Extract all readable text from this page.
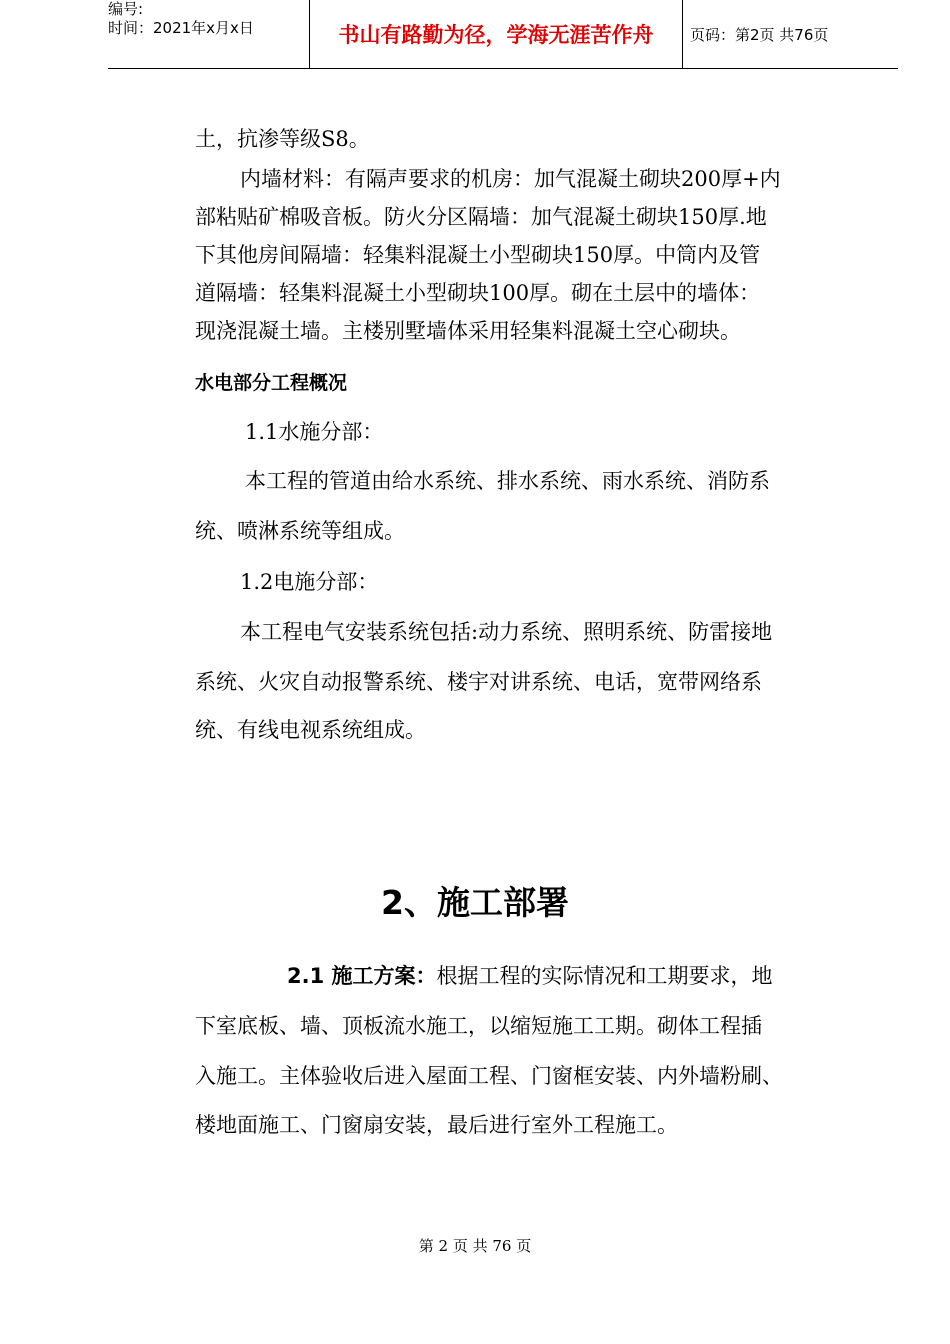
编号:
时间：2021年x月x日	书山有路勤为径，学海无涯苦作舟	页码：第2页 共76页
土，抗渗等级S8。
内墙材料：有隔声要求的机房：加气混凝土砌块200厚+内
部粘贴矿棉吸音板。防火分区隔墙：加气混凝土砌块150厚.地
下其他房间隔墙：轻集料混凝土小型砌块150厚。中筒内及管
道隔墙：轻集料混凝土小型砌块100厚。砌在土层中的墙体：
现浇混凝土墙。主楼别墅墙体采用轻集料混凝土空心砌块。
水电部分工程概况
1.1水施分部：
本工程的管道由给水系统、排水系统、雨水系统、消防系
统、喷淋系统等组成。
1.2电施分部：
本工程电气安装系统包括:动力系统、照明系统、防雷接地
系统、火灾自动报警系统、楼宇对讲系统、电话，宽带网络系
统、有线电视系统组成。
2、施工部署
2.1 施工方案：根据工程的实际情况和工期要求，地
下室底板、墙、顶板流水施工，以缩短施工工期。砌体工程插
入施工。主体验收后进入屋面工程、门窗框安装、内外墙粉刷、
楼地面施工、门窗扇安装，最后进行室外工程施工。
第 2 页 共 76 页
